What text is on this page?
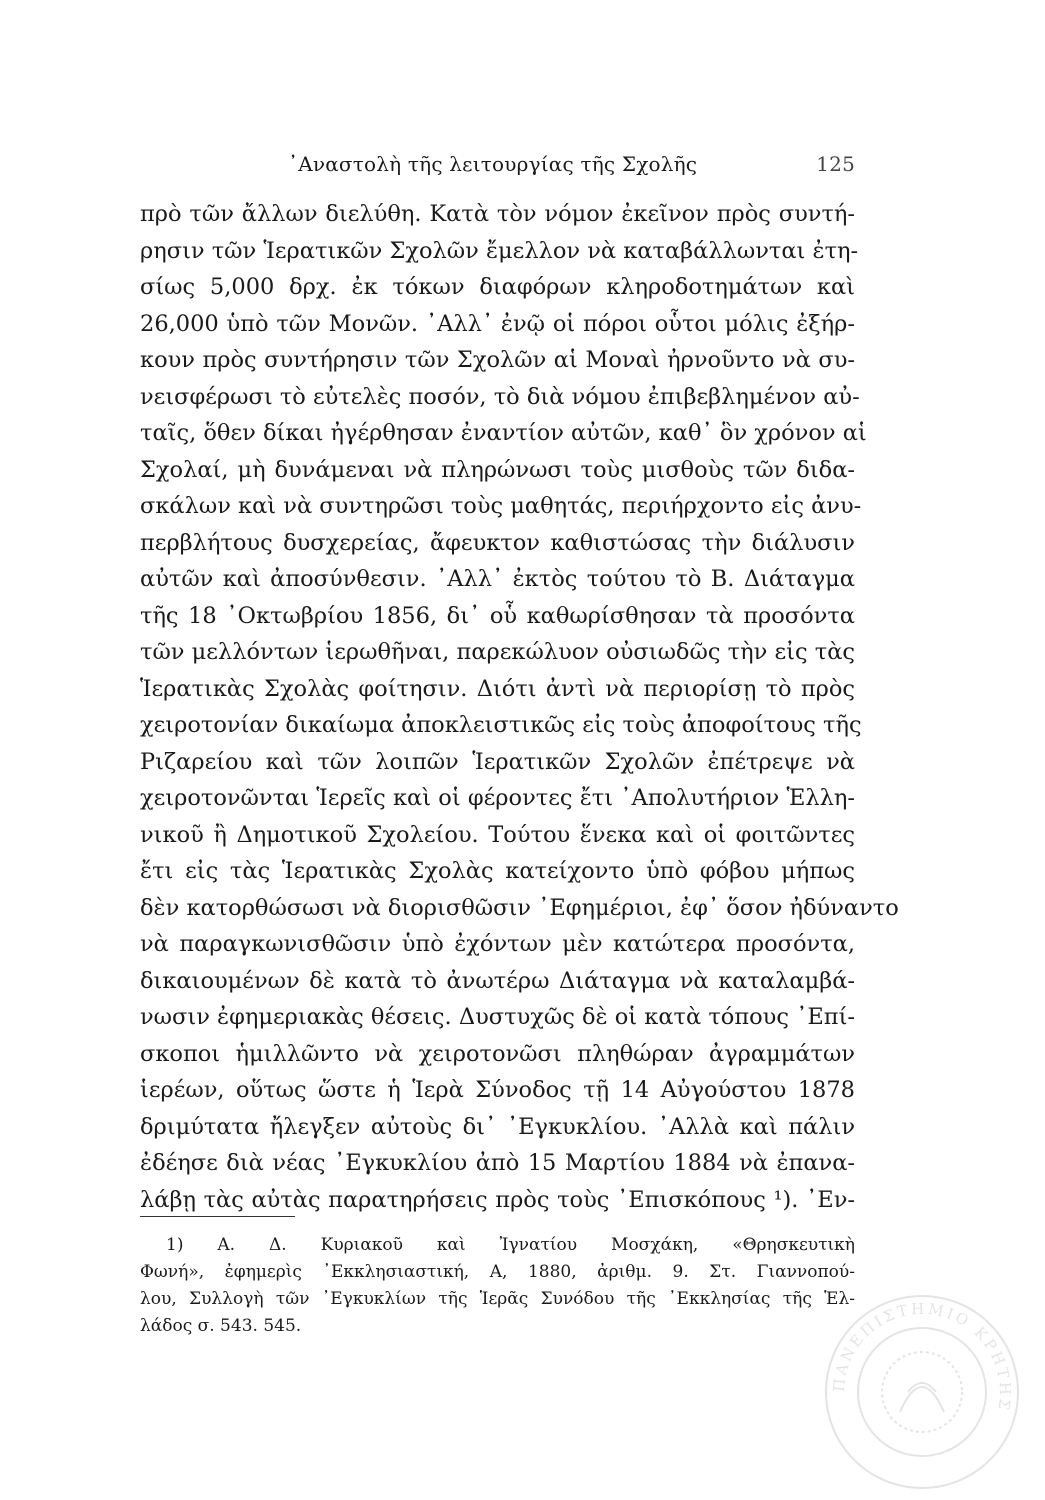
᾿Αναστολὴ τῆς λειτουργίας τῆς Σχολῆς	125
πρὸ τῶν ἄλλων διελύθη. Κατὰ τὸν νόμον ἐκεῖνον πρὸς συντή-
ρησιν τῶν Ἱερατικῶν Σχολῶν ἔμελλον νὰ καταβάλλωνται ἐτη-
σίως 5,000 δρχ. ἐκ τόκων διαφόρων κληροδοτημάτων καὶ
26,000 ὑπὸ τῶν Μονῶν. ᾿Αλλ᾿ ἐνῷ οἱ πόροι οὗτοι μόλις ἐξήρ-
κουν πρὸς συντήρησιν τῶν Σχολῶν αἱ Μοναὶ ἠρνοῦντο νὰ συ-
νεισφέρωσι τὸ εὐτελὲς ποσόν, τὸ διὰ νόμου ἐπιβεβλημένον αὐ-
ταῖς, ὅθεν δίκαι ἠγέρθησαν ἐναντίον αὐτῶν, καθ᾿ ὃν χρόνον αἱ
Σχολαί, μὴ δυνάμεναι νὰ πληρώνωσι τοὺς μισθοὺς τῶν διδα-
σκάλων καὶ νὰ συντηρῶσι τοὺς μαθητάς, περιήρχοντο εἰς ἀνυ-
περβλήτους δυσχερείας, ἄφευκτον καθιστώσας τὴν διάλυσιν
αὐτῶν καὶ ἀποσύνθεσιν. ᾿Αλλ᾿ ἐκτὸς τούτου τὸ Β. Διάταγμα
τῆς 18 ᾿Οκτωβρίου 1856, δι᾿ οὗ καθωρίσθησαν τὰ προσόντα
τῶν μελλόντων ἱερωθῆναι, παρεκώλυον οὐσιωδῶς τὴν εἰς τὰς
Ἱερατικὰς Σχολὰς φοίτησιν. Διότι ἀντὶ νὰ περιορίσῃ τὸ πρὸς
χειροτονίαν δικαίωμα ἀποκλειστικῶς εἰς τοὺς ἀποφοίτους τῆς
Ριζαρείου καὶ τῶν λοιπῶν Ἱερατικῶν Σχολῶν ἐπέτρεψε νὰ
χειροτονῶνται Ἱερεῖς καὶ οἱ φέροντες ἔτι ᾿Απολυτήριον Ἑλλη-
νικοῦ ἢ Δημοτικοῦ Σχολείου. Τούτου ἕνεκα καὶ οἱ φοιτῶντες
ἔτι εἰς τὰς Ἱερατικὰς Σχολὰς κατείχοντο ὑπὸ φόβου μήπως
δὲν κατορθώσωσι νὰ διορισθῶσιν ᾿Εφημέριοι, ἐφ᾿ ὅσον ἠδύναντο
νὰ παραγκωνισθῶσιν ὑπὸ ἐχόντων μὲν κατώτερα προσόντα,
δικαιουμένων δὲ κατὰ τὸ ἀνωτέρω Διάταγμα νὰ καταλαμβά-
νωσιν ἐφημεριακὰς θέσεις. Δυστυχῶς δὲ οἱ κατὰ τόπους ᾿Επί-
σκοποι ἡμιλλῶντο νὰ χειροτονῶσι πληθώραν ἀγραμμάτων
ἱερέων, οὕτως ὥστε ἡ Ἱερὰ Σύνοδος τῇ 14 Αὐγούστου 1878
δριμύτατα ἤλεγξεν αὐτοὺς δι᾿ ᾿Εγκυκλίου. ᾿Αλλὰ καὶ πάλιν
ἐδέησε διὰ νέας ᾿Εγκυκλίου ἀπὸ 15 Μαρτίου 1884 νὰ ἐπανα-
λάβῃ τὰς αὐτὰς παρατηρήσεις πρὸς τοὺς ᾿Επισκόπους ¹). ᾿Εν-
1) Α. Δ. Κυριακοῦ καὶ Ἰγνατίου Μοσχάκη, «Θρησκευτικὴ
Φωνή», ἐφημερὶς ᾿Εκκλησιαστική, Α, 1880, ἀριθμ. 9. Στ. Γιαννοπού-
λου, Συλλογὴ τῶν ᾿Εγκυκλίων τῆς Ἱερᾶς Συνόδου τῆς ᾿Εκκλησίας τῆς Ἑλ-
λάδος σ. 543. 545.
ΠΑΝΕΠΙΣΤΗΜΙΟ ΚΡΗΤΗΣ
